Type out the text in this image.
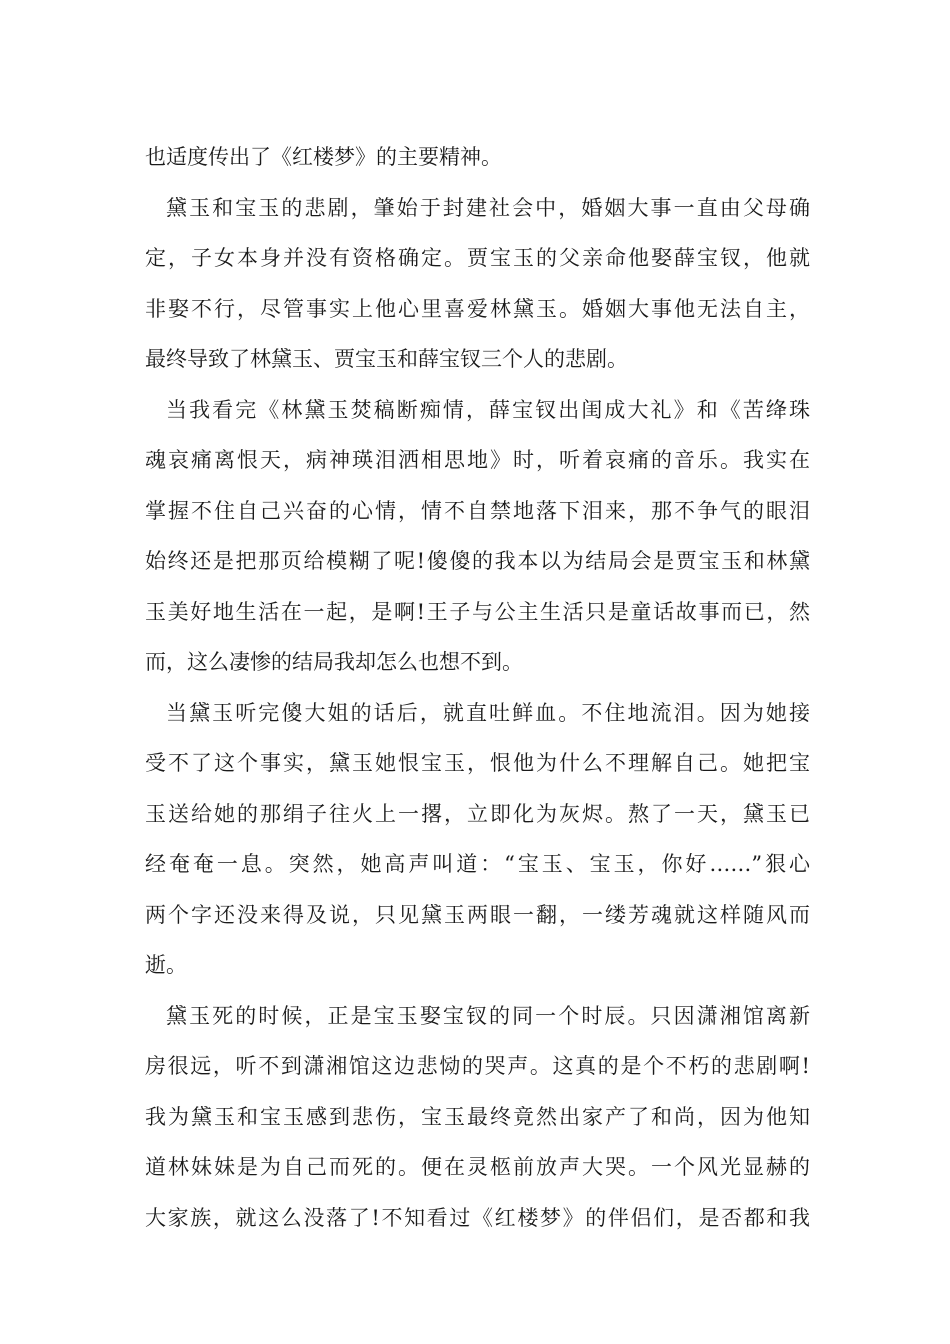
也适度传出了《红楼梦》的主要精神。
黛玉和宝玉的悲剧，肇始于封建社会中，婚姻大事一直由父母确
定，子女本身并没有资格确定。贾宝玉的父亲命他娶薛宝钗，他就
非娶不行，尽管事实上他心里喜爱林黛玉。婚姻大事他无法自主，
最终导致了林黛玉、贾宝玉和薛宝钗三个人的悲剧。
当我看完《林黛玉焚稿断痴情，薛宝钗出闺成大礼》和《苦绛珠
魂哀痛离恨天，病神瑛泪洒相思地》时，听着哀痛的音乐。我实在
掌握不住自己兴奋的心情，情不自禁地落下泪来，那不争气的眼泪
始终还是把那页给模糊了呢!傻傻的我本以为结局会是贾宝玉和林黛
玉美好地生活在一起，是啊!王子与公主生活只是童话故事而已，然
而，这么凄惨的结局我却怎么也想不到。
当黛玉听完傻大姐的话后，就直吐鲜血。不住地流泪。因为她接
受不了这个事实，黛玉她恨宝玉，恨他为什么不理解自己。她把宝
玉送给她的那绢子往火上一撂，立即化为灰烬。熬了一天，黛玉已
经奄奄一息。突然，她高声叫道：“宝玉、宝玉，你好……”狠心
两个字还没来得及说，只见黛玉两眼一翻，一缕芳魂就这样随风而
逝。
黛玉死的时候，正是宝玉娶宝钗的同一个时辰。只因潇湘馆离新
房很远，听不到潇湘馆这边悲恸的哭声。这真的是个不朽的悲剧啊!
我为黛玉和宝玉感到悲伤，宝玉最终竟然出家产了和尚，因为他知
道林妹妹是为自己而死的。便在灵柩前放声大哭。一个风光显赫的
大家族，就这么没落了!不知看过《红楼梦》的伴侣们，是否都和我
